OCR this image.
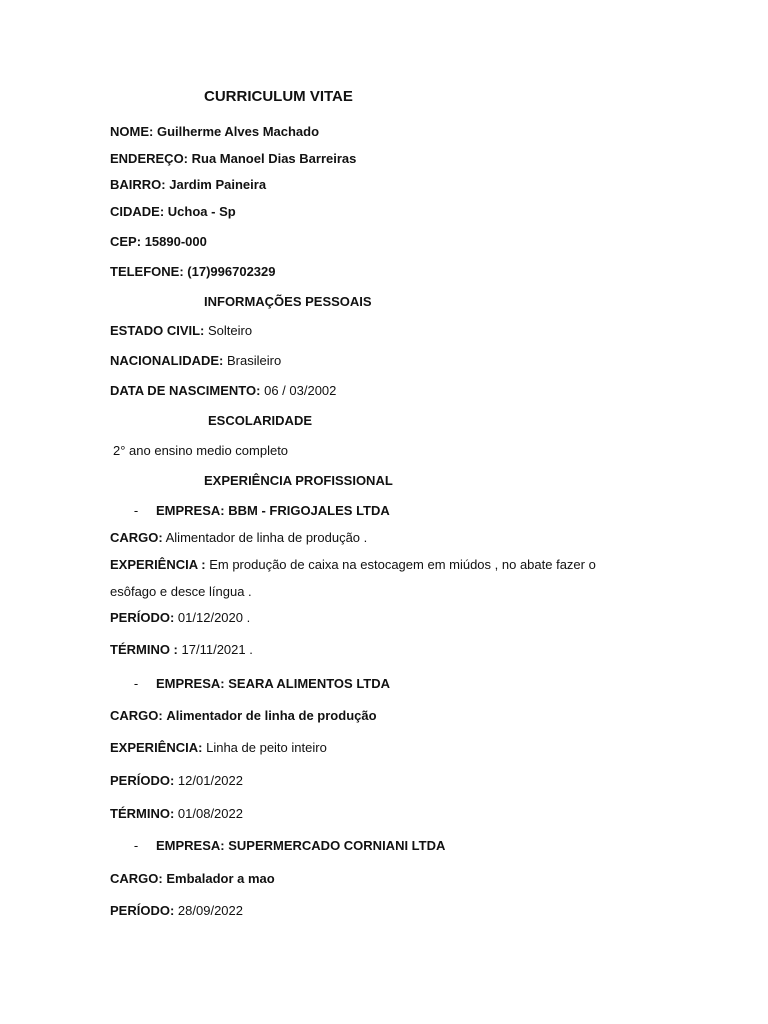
CURRICULUM VITAE
NOME: Guilherme Alves Machado
ENDEREÇO: Rua Manoel Dias Barreiras
BAIRRO: Jardim Paineira
CIDADE: Uchoa - Sp
CEP: 15890-000
TELEFONE: (17)996702329
INFORMAÇÕES PESSOAIS
ESTADO CIVIL: Solteiro
NACIONALIDADE: Brasileiro
DATA DE NASCIMENTO: 06 / 03/2002
ESCOLARIDADE
2° ano ensino medio completo
EXPERIÊNCIA PROFISSIONAL
- EMPRESA: BBM - FRIGOJALES LTDA
CARGO: Alimentador de linha de produção .
EXPERIÊNCIA : Em produção de caixa na estocagem em miúdos , no abate fazer o
esôfago e desce língua .
PERÍODO: 01/12/2020 .
TÉRMINO : 17/11/2021 .
- EMPRESA: SEARA ALIMENTOS LTDA
CARGO: Alimentador de linha de produção
EXPERIÊNCIA: Linha de peito inteiro
PERÍODO: 12/01/2022
TÉRMINO: 01/08/2022
- EMPRESA: SUPERMERCADO CORNIANI LTDA
CARGO: Embalador a mao
PERÍODO: 28/09/2022
